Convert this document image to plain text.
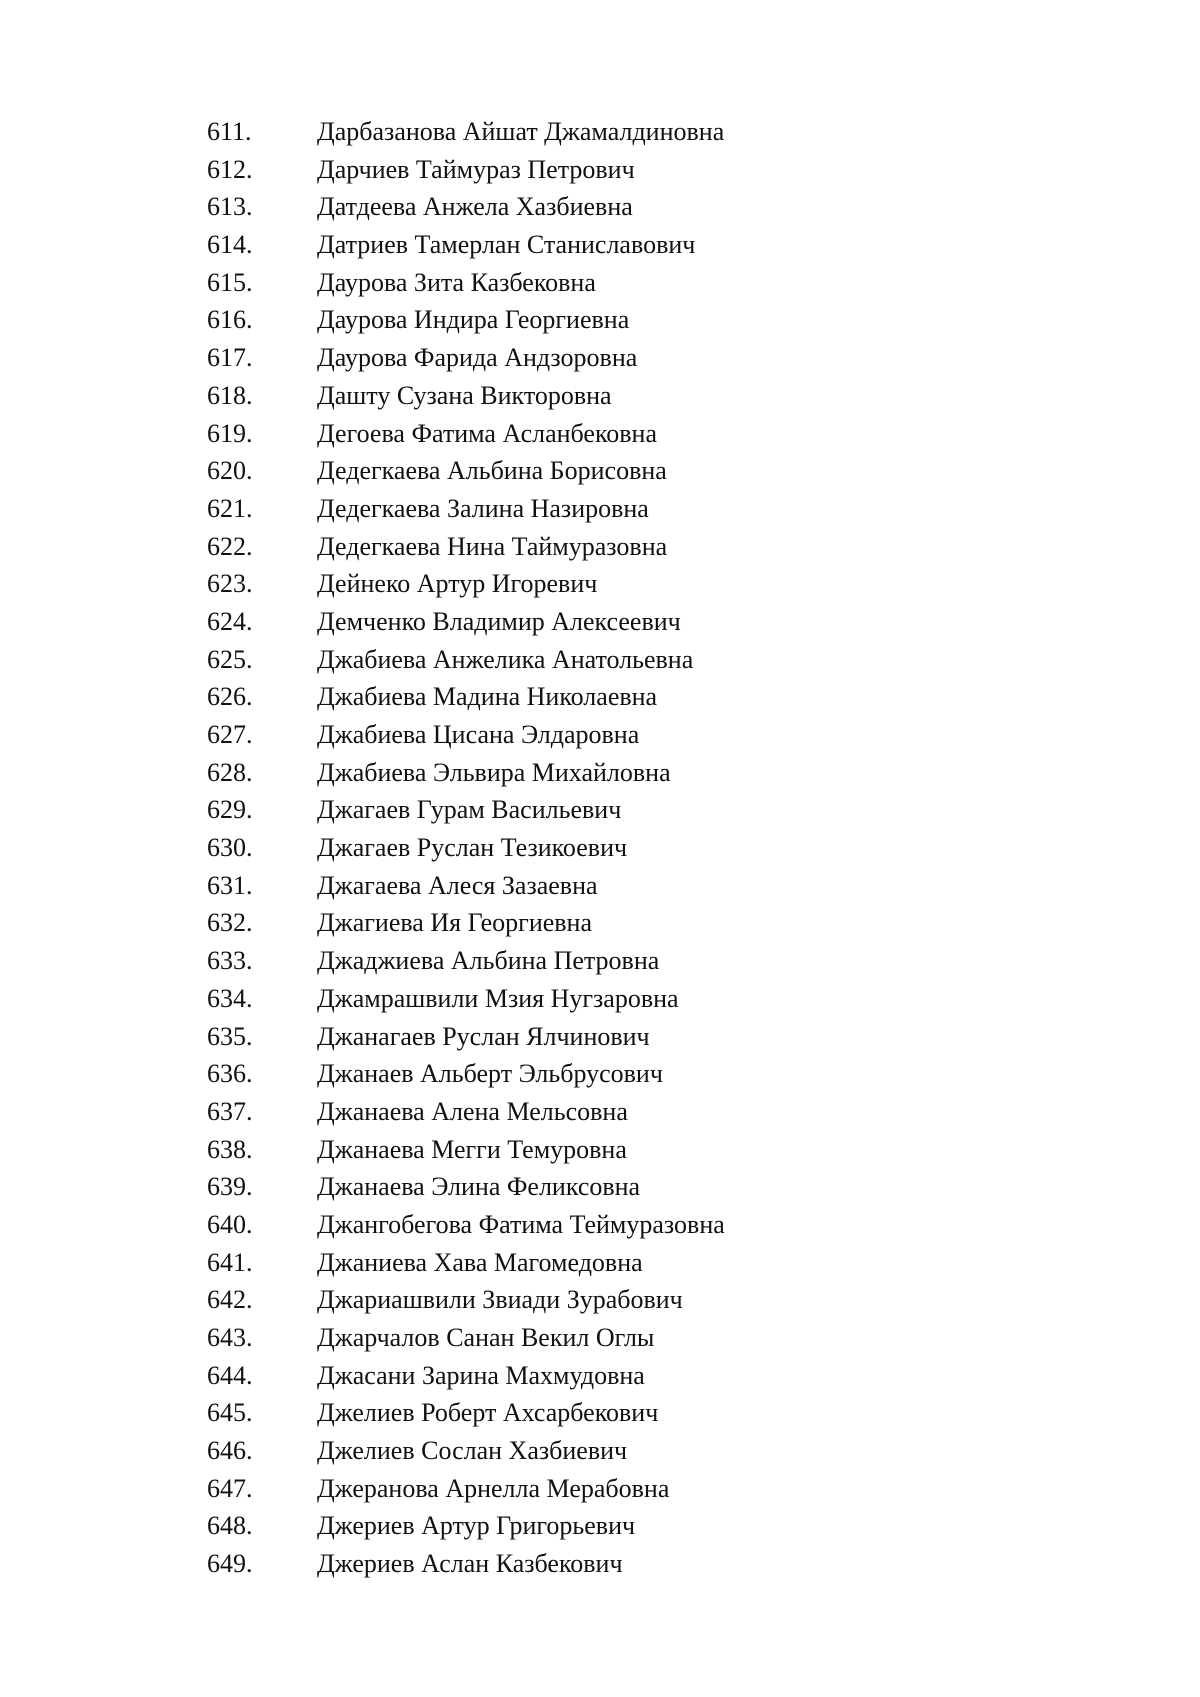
611.	Дарбазанова Айшат Джамалдиновна
612. Дарчиев Таймураз Петрович
613. Датдеева Анжела Хазбиевна
614. Датриев Тамерлан Станиславович
615. Даурова Зита Казбековна
616. Даурова Индира Георгиевна
617. Даурова Фарида Андзоровна
618. Дашту Сузана Викторовна
619. Дегоева Фатима Асланбековна
620. Дедегкаева Альбина Борисовна
621. Дедегкаева Залина Назировна
622. Дедегкаева Нина Таймуразовна
623. Дейнеко Артур Игоревич
624. Демченко Владимир Алексеевич
625. Джабиева Анжелика Анатольевна
626. Джабиева Мадина Николаевна
627. Джабиева Цисана Элдаровна
628. Джабиева Эльвира Михайловна
629. Джагаев Гурам Васильевич
630. Джагаев Руслан Тезикоевич
631. Джагаева Алеся Зазаевна
632. Джагиева Ия Георгиевна
633. Джаджиева Альбина Петровна
634. Джамрашвили Мзия Нугзаровна
635. Джанагаев Руслан Ялчинович
636. Джанаев Альберт Эльбрусович
637. Джанаева Алена Мельсовна
638. Джанаева Мегги Темуровна
639. Джанаева Элина Феликсовна
640. Джангобегова Фатима Теймуразовна
641. Джаниева Хава Магомедовна
642. Джариашвили Звиади Зурабович
643. Джарчалов Санан Векил Оглы
644. Джасани Зарина Махмудовна
645. Джелиев Роберт Ахсарбекович
646. Джелиев Сослан Хазбиевич
647. Джеранова Арнелла Мерабовна
648. Джериев Артур Григорьевич
649. Джериев Аслан Казбекович
